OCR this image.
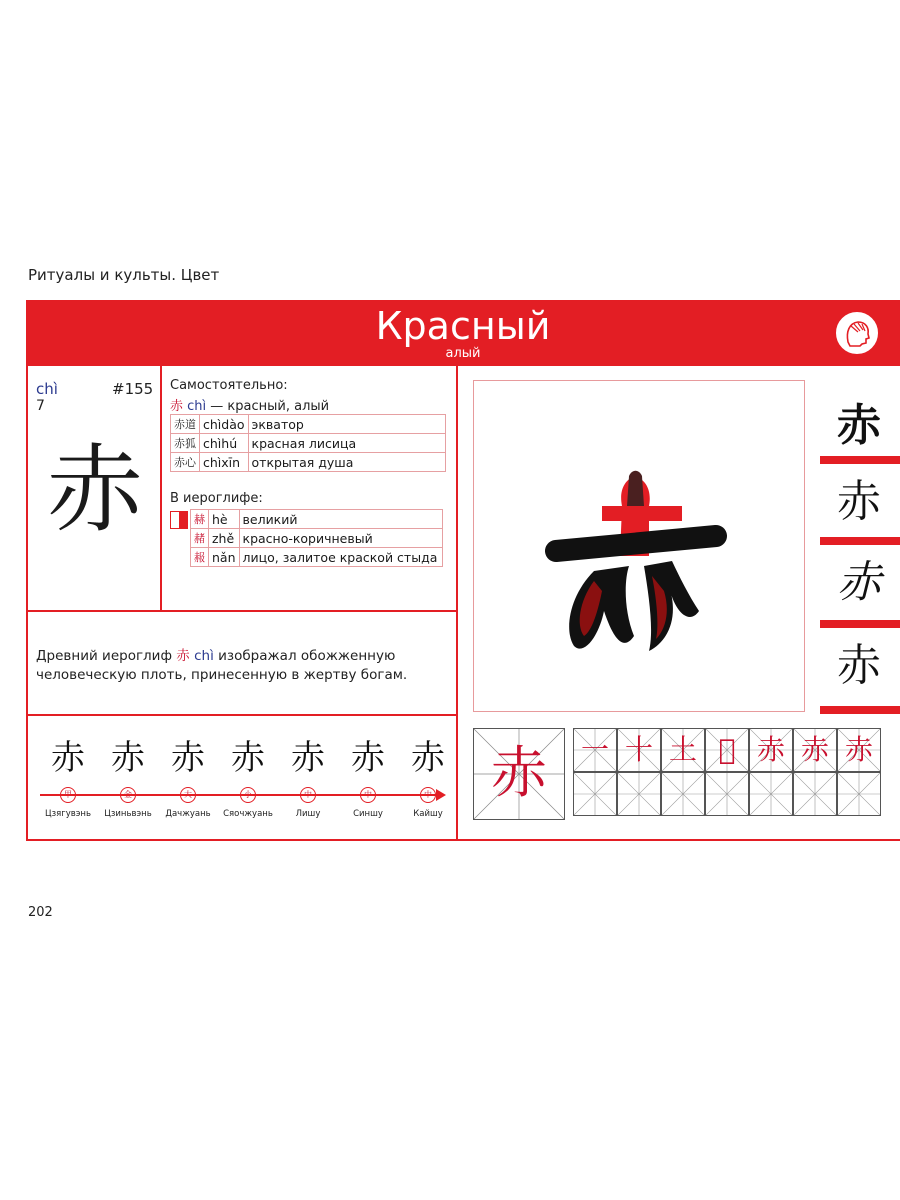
Ритуалы и культы. Цвет
Красный
алый
chì
7
#155
赤
Самостоятельно:
赤 chì — красный, алый
赤道	chìdào	экватор
赤狐	chìhú	красная лисица
赤心	chìxīn	открытая душа
В иероглифе:
赫	hè	великий
赭	zhě	красно-коричневый
赧	nǎn	лицо, залитое краской стыда
Древний иероглиф 赤 chì изображал обожженную человеческую плоть, принесенную в жертву богам.
赤
Цзягувэнь
赤
Цзиньвэнь
赤
Дачжуань
赤
Сяочжуань
赤
Лишу
赤
Синшу
赤
Кайшу
赤
赤
赤
赤
赤	一 十 土 𡉀 赤 赤 赤
202
